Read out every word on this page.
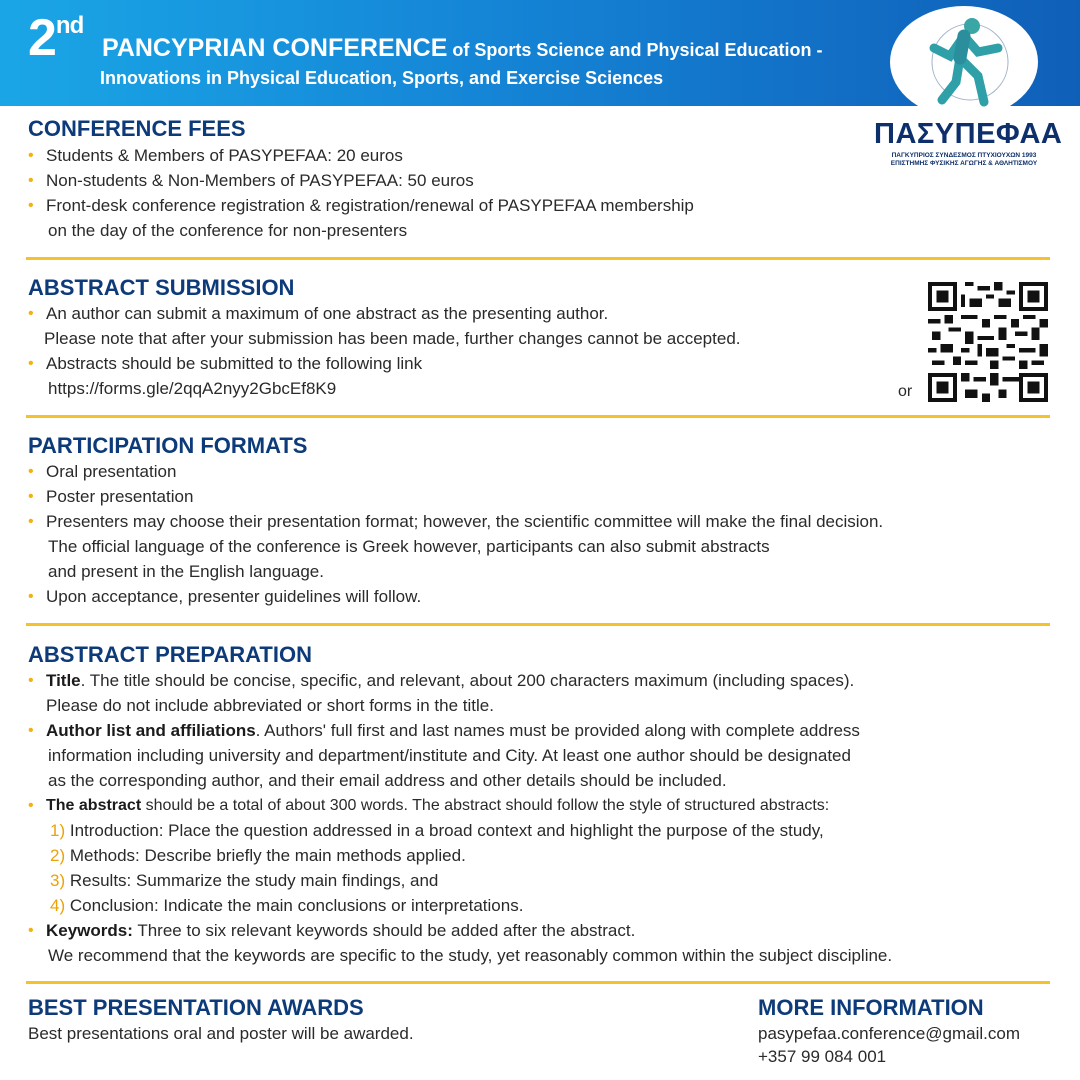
2nd
PANCYPRIAN CONFERENCE of Sports Science and Physical Education -
Innovations in Physical Education, Sports, and Exercise Sciences
ΠΑΣΥΠΕΦΑΑ
ΠΑΓΚΥΠΡΙΟΣ ΣΥΝΔΕΣΜΟΣ ΠΤΥΧΙΟΥΧΩΝ 1993
ΕΠΙΣΤΗΜΗΣ ΦΥΣΙΚΗΣ ΑΓΩΓΗΣ & ΑΘΛΗΤΙΣΜΟΥ
CONFERENCE FEES
• Students & Members of PASYPEFAA: 20 euros
• Non-students & Non-Members of PASYPEFAA: 50 euros
• Front-desk conference registration & registration/renewal of PASYPEFAA membership
on the day of the conference for non-presenters
ABSTRACT SUBMISSION
• An author can submit a maximum of one abstract as the presenting author.
Please note that after your submission has been made, further changes cannot be accepted.
• Abstracts should be submitted to the following link
https://forms.gle/2qqA2nyy2GbcEf8K9	or
PARTICIPATION FORMATS
• Oral presentation
• Poster presentation
• Presenters may choose their presentation format; however, the scientific committee will make the final decision.
The official language of the conference is Greek however, participants can also submit abstracts
and present in the English language.
• Upon acceptance, presenter guidelines will follow.
ABSTRACT PREPARATION
• Title. The title should be concise, specific, and relevant, about 200 characters maximum (including spaces).
Please do not include abbreviated or short forms in the title.
• Author list and affiliations. Authors' full first and last names must be provided along with complete address
information including university and department/institute and City. At least one author should be designated
as the corresponding author, and their email address and other details should be included.
• The abstract should be a total of about 300 words. The abstract should follow the style of structured abstracts:
1) Introduction: Place the question addressed in a broad context and highlight the purpose of the study,
2) Methods: Describe briefly the main methods applied.
3) Results: Summarize the study main findings, and
4) Conclusion: Indicate the main conclusions or interpretations.
• Keywords: Three to six relevant keywords should be added after the abstract.
We recommend that the keywords are specific to the study, yet reasonably common within the subject discipline.
BEST PRESENTATION AWARDS
Best presentations oral and poster will be awarded.
MORE INFORMATION
pasypefaa.conference@gmail.com
+357 99 084 001
